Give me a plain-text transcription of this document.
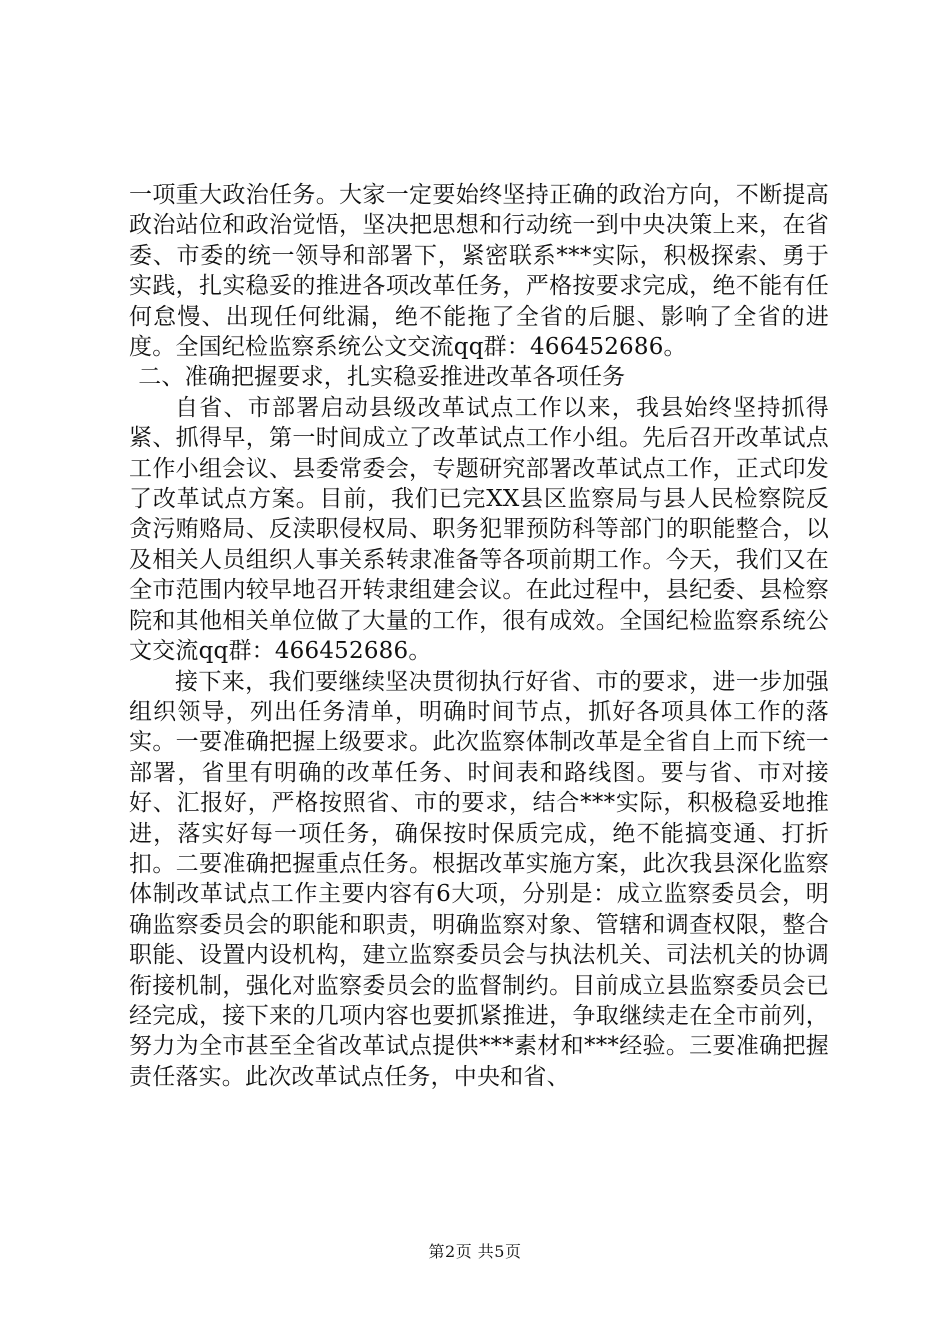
一项重大政治任务。大家一定要始终坚持正确的政治方向，不断提高政治站位和政治觉悟，坚决把思想和行动统一到中央决策上来，在省委、市委的统一领导和部署下，紧密联系***实际，积极探索、勇于实践，扎实稳妥的推进各项改革任务，严格按要求完成，绝不能有任何怠慢、出现任何纰漏，绝不能拖了全省的后腿、影响了全省的进度。全国纪检监察系统公文交流qq群：466452686。

二、准确把握要求，扎实稳妥推进改革各项任务

自省、市部署启动县级改革试点工作以来，我县始终坚持抓得紧、抓得早，第一时间成立了改革试点工作小组。先后召开改革试点工作小组会议、县委常委会，专题研究部署改革试点工作，正式印发了改革试点方案。目前，我们已完XX县区监察局与县人民检察院反贪污贿赂局、反渎职侵权局、职务犯罪预防科等部门的职能整合，以及相关人员组织人事关系转隶准备等各项前期工作。今天，我们又在全市范围内较早地召开转隶组建会议。在此过程中，县纪委、县检察院和其他相关单位做了大量的工作，很有成效。全国纪检监察系统公文交流qq群：466452686。

接下来，我们要继续坚决贯彻执行好省、市的要求，进一步加强组织领导，列出任务清单，明确时间节点，抓好各项具体工作的落实。一要准确把握上级要求。此次监察体制改革是全省自上而下统一部署，省里有明确的改革任务、时间表和路线图。要与省、市对接好、汇报好，严格按照省、市的要求，结合***实际，积极稳妥地推进，落实好每一项任务，确保按时保质完成，绝不能搞变通、打折扣。二要准确把握重点任务。根据改革实施方案，此次我县深化监察体制改革试点工作主要内容有6大项，分别是：成立监察委员会，明确监察委员会的职能和职责，明确监察对象、管辖和调查权限，整合职能、设置内设机构，建立监察委员会与执法机关、司法机关的协调衔接机制，强化对监察委员会的监督制约。目前成立县监察委员会已经完成，接下来的几项内容也要抓紧推进，争取继续走在全市前列，努力为全市甚至全省改革试点提供***素材和***经验。三要准确把握责任落实。此次改革试点任务，中央和省、

第2页 共5页
